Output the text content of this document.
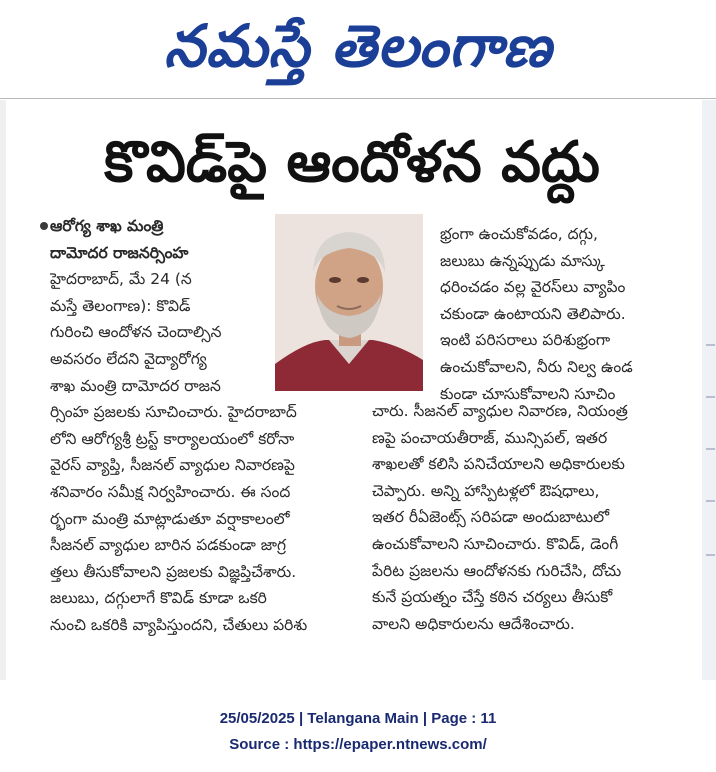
నమస్తే తెలంగాణ
కొవిడ్‌పై ఆందోళన వద్దు

ఆరోగ్య శాఖ మంత్రి

దామోదర రాజనర్సింహ

హైదరాబాద్, మే 24 (న

మస్తే తెలంగాణ): కొవిడ్

గురించి ఆందోళన చెందాల్సిన

అవసరం లేదని వైద్యారోగ్య

శాఖ మంత్రి దామోదర రాజన

ర్సింహ ప్రజలకు సూచించారు. హైదరాబాద్

లోని ఆరోగ్యశ్రీ ట్రస్ట్ కార్యాలయంలో కరోనా

వైరస్ వ్యాప్తి, సీజనల్ వ్యాధుల నివారణపై

శనివారం సమీక్ష నిర్వహించారు. ఈ సంద

ర్భంగా మంత్రి మాట్లాడుతూ వర్షాకాలంలో

సీజనల్ వ్యాధుల బారిన పడకుండా జాగ్ర

త్తలు తీసుకోవాలని ప్రజలకు విజ్ఞప్తిచేశారు.

జలుబు, దగ్గులాగే కొవిడ్ కూడా ఒకరి

నుంచి ఒకరికి వ్యాపిస్తుందని, చేతులు పరిశు

భ్రంగా ఉంచుకోవడం, దగ్గు,

జలుబు ఉన్నప్పుడు మాస్కు

ధరించడం వల్ల వైరస్‌లు వ్యాపిం

చకుండా ఉంటాయని తెలిపారు.

ఇంటి పరిసరాలు పరిశుభ్రంగా

ఉంచుకోవాలని, నీరు నిల్వ ఉండ

కుండా చూసుకోవాలని సూచిం

చారు. సీజనల్ వ్యాధుల నివారణ, నియంత్ర

ణపై పంచాయతీరాజ్, మున్సిపల్, ఇతర

శాఖలతో కలిసి పనిచేయాలని అధికారులకు

చెప్పారు. అన్ని హాస్పిటళ్లలో ఔషధాలు,

ఇతర రీఏజెంట్స్ సరిపడా అందుబాటులో

ఉంచుకోవాలని సూచించారు. కొవిడ్, డెంగీ

పేరిట ప్రజలను ఆందోళనకు గురిచేసి, దోచు

కునే ప్రయత్నం చేస్తే కఠిన చర్యలు తీసుకో

వాలని అధికారులను ఆదేశించారు.

25/05/2025 | Telangana Main | Page : 11
Source : https://epaper.ntnews.com/
